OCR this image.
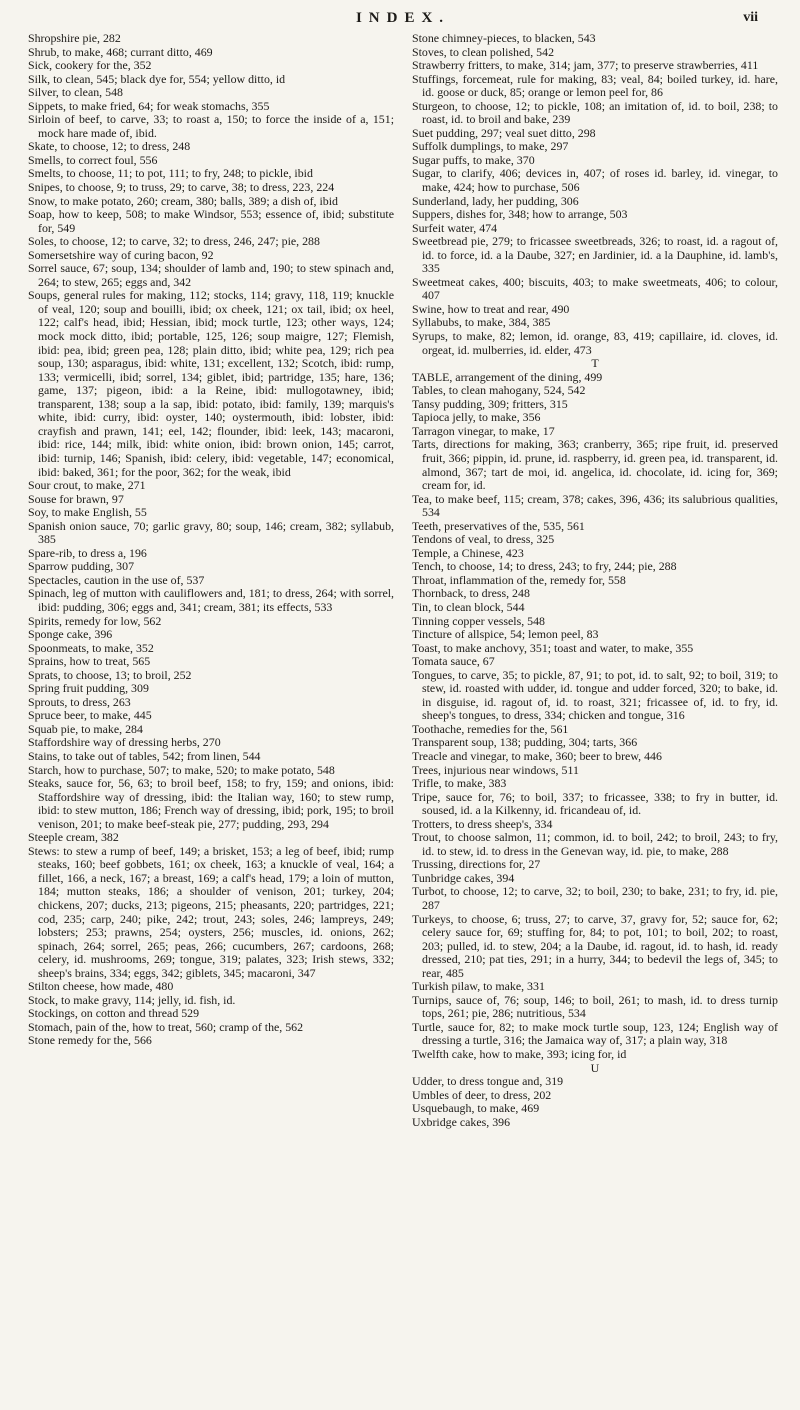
INDEX.	vii

Shropshire pie, 282

Shrub, to make, 468; currant ditto, 469

Sick, cookery for the, 352

Silk, to clean, 545; black dye for, 554; yellow ditto, id

Silver, to clean, 548

Sippets, to make fried, 64; for weak stomachs, 355

Sirloin of beef, to carve, 33; to roast a, 150; to force the inside of a, 151; mock hare made of, ibid.

Skate, to choose, 12; to dress, 248

Smells, to correct foul, 556

Smelts, to choose, 11; to pot, 111; to fry, 248; to pickle, ibid

Snipes, to choose, 9; to truss, 29; to carve, 38; to dress, 223, 224

Snow, to make potato, 260; cream, 380; balls, 389; a dish of, ibid

Soap, how to keep, 508; to make Windsor, 553; essence of, ibid; substitute for, 549

Soles, to choose, 12; to carve, 32; to dress, 246, 247; pie, 288

Somersetshire way of curing bacon, 92

Sorrel sauce, 67; soup, 134; shoulder of lamb and, 190; to stew spinach and, 264; to stew, 265; eggs and, 342

Soups, general rules for making, 112; stocks, 114; gravy, 118, 119; knuckle of veal, 120; soup and bouilli, ibid; ox cheek, 121; ox tail, ibid; ox heel, 122; calf's head, ibid; Hessian, ibid; mock turtle, 123; other ways, 124; mock mock ditto, ibid; portable, 125, 126; soup maigre, 127; Flemish, ibid: pea, ibid; green pea, 128; plain ditto, ibid; white pea, 129; rich pea soup, 130; asparagus, ibid: white, 131; excellent, 132; Scotch, ibid: rump, 133; vermicelli, ibid; sorrel, 134; giblet, ibid; partridge, 135; hare, 136; game, 137; pigeon, ibid: a la Reine, ibid: mullogotawney, ibid; transparent, 138; soup a la sap, ibid: potato, ibid: family, 139; marquis's white, ibid: curry, ibid: oyster, 140; oystermouth, ibid: lobster, ibid: crayfish and prawn, 141; eel, 142; flounder, ibid: leek, 143; macaroni, ibid: rice, 144; milk, ibid: white onion, ibid: brown onion, 145; carrot, ibid: turnip, 146; Spanish, ibid: celery, ibid: vegetable, 147; economical, ibid: baked, 361; for the poor, 362; for the weak, ibid

Sour crout, to make, 271

Souse for brawn, 97

Soy, to make English, 55

Spanish onion sauce, 70; garlic gravy, 80; soup, 146; cream, 382; syllabub, 385

Spare-rib, to dress a, 196

Sparrow pudding, 307

Spectacles, caution in the use of, 537

Spinach, leg of mutton with cauliflowers and, 181; to dress, 264; with sorrel, ibid: pudding, 306; eggs and, 341; cream, 381; its effects, 533

Spirits, remedy for low, 562

Sponge cake, 396

Spoonmeats, to make, 352

Sprains, how to treat, 565

Sprats, to choose, 13; to broil, 252

Spring fruit pudding, 309

Sprouts, to dress, 263

Spruce beer, to make, 445

Squab pie, to make, 284

Staffordshire way of dressing herbs, 270

Stains, to take out of tables, 542; from linen, 544

Starch, how to purchase, 507; to make, 520; to make potato, 548

Steaks, sauce for, 56, 63; to broil beef, 158; to fry, 159; and onions, ibid: Staffordshire way of dressing, ibid: the Italian way, 160; to stew rump, ibid: to stew mutton, 186; French way of dressing, ibid; pork, 195; to broil venison, 201; to make beef-steak pie, 277; pudding, 293, 294

Steeple cream, 382

Stews: to stew a rump of beef, 149; a brisket, 153; a leg of beef, ibid; rump steaks, 160; beef gobbets, 161; ox cheek, 163; a knuckle of veal, 164; a fillet, 166, a neck, 167; a breast, 169; a calf's head, 179; a loin of mutton, 184; mutton steaks, 186; a shoulder of venison, 201; turkey, 204; chickens, 207; ducks, 213; pigeons, 215; pheasants, 220; partridges, 221; cod, 235; carp, 240; pike, 242; trout, 243; soles, 246; lampreys, 249; lobsters; 253; prawns, 254; oysters, 256; muscles, id. onions, 262; spinach, 264; sorrel, 265; peas, 266; cucumbers, 267; cardoons, 268; celery, id. mushrooms, 269; tongue, 319; palates, 323; Irish stews, 332; sheep's brains, 334; eggs, 342; giblets, 345; macaroni, 347

Stilton cheese, how made, 480

Stock, to make gravy, 114; jelly, id. fish, id.

Stockings, on cotton and thread 529

Stomach, pain of the, how to treat, 560; cramp of the, 562

Stone remedy for the, 566

Stone chimney-pieces, to blacken, 543

Stoves, to clean polished, 542

Strawberry fritters, to make, 314; jam, 377; to preserve strawberries, 411

Stuffings, forcemeat, rule for making, 83; veal, 84; boiled turkey, id. hare, id. goose or duck, 85; orange or lemon peel for, 86

Sturgeon, to choose, 12; to pickle, 108; an imitation of, id. to boil, 238; to roast, id. to broil and bake, 239

Suet pudding, 297; veal suet ditto, 298

Suffolk dumplings, to make, 297

Sugar puffs, to make, 370

Sugar, to clarify, 406; devices in, 407; of roses id. barley, id. vinegar, to make, 424; how to purchase, 506

Sunderland, lady, her pudding, 306

Suppers, dishes for, 348; how to arrange, 503

Surfeit water, 474

Sweetbread pie, 279; to fricassee sweetbreads, 326; to roast, id. a ragout of, id. to force, id. a la Daube, 327; en Jardinier, id. a la Dauphine, id. lamb's, 335

Sweetmeat cakes, 400; biscuits, 403; to make sweetmeats, 406; to colour, 407

Swine, how to treat and rear, 490

Syllabubs, to make, 384, 385

Syrups, to make, 82; lemon, id. orange, 83, 419; capillaire, id. cloves, id. orgeat, id. mulberries, id. elder, 473

T

TABLE, arrangement of the dining, 499

Tables, to clean mahogany, 524, 542

Tansy pudding, 309; fritters, 315

Tapioca jelly, to make, 356

Tarragon vinegar, to make, 17

Tarts, directions for making, 363; cranberry, 365; ripe fruit, id. preserved fruit, 366; pippin, id. prune, id. raspberry, id. green pea, id. transparent, id. almond, 367; tart de moi, id. angelica, id. chocolate, id. icing for, 369; cream for, id.

Tea, to make beef, 115; cream, 378; cakes, 396, 436; its salubrious qualities, 534

Teeth, preservatives of the, 535, 561

Tendons of veal, to dress, 325

Temple, a Chinese, 423

Tench, to choose, 14; to dress, 243; to fry, 244; pie, 288

Throat, inflammation of the, remedy for, 558

Thornback, to dress, 248

Tin, to clean block, 544

Tinning copper vessels, 548

Tincture of allspice, 54; lemon peel, 83

Toast, to make anchovy, 351; toast and water, to make, 355

Tomata sauce, 67

Tongues, to carve, 35; to pickle, 87, 91; to pot, id. to salt, 92; to boil, 319; to stew, id. roasted with udder, id. tongue and udder forced, 320; to bake, id. in disguise, id. ragout of, id. to roast, 321; fricassee of, id. to fry, id. sheep's tongues, to dress, 334; chicken and tongue, 316

Toothache, remedies for the, 561

Transparent soup, 138; pudding, 304; tarts, 366

Treacle and vinegar, to make, 360; beer to brew, 446

Trees, injurious near windows, 511

Trifle, to make, 383

Tripe, sauce for, 76; to boil, 337; to fricassee, 338; to fry in butter, id. soused, id. a la Kilkenny, id. fricandeau of, id.

Trotters, to dress sheep's, 334

Trout, to choose salmon, 11; common, id. to boil, 242; to broil, 243; to fry, id. to stew, id. to dress in the Genevan way, id. pie, to make, 288

Trussing, directions for, 27

Tunbridge cakes, 394

Turbot, to choose, 12; to carve, 32; to boil, 230; to bake, 231; to fry, id. pie, 287

Turkeys, to choose, 6; truss, 27; to carve, 37, gravy for, 52; sauce for, 62; celery sauce for, 69; stuffing for, 84; to pot, 101; to boil, 202; to roast, 203; pulled, id. to stew, 204; a la Daube, id. ragout, id. to hash, id. ready dressed, 210; pat ties, 291; in a hurry, 344; to bedevil the legs of, 345; to rear, 485

Turkish pilaw, to make, 331

Turnips, sauce of, 76; soup, 146; to boil, 261; to mash, id. to dress turnip tops, 261; pie, 286; nutritious, 534

Turtle, sauce for, 82; to make mock turtle soup, 123, 124; English way of dressing a turtle, 316; the Jamaica way of, 317; a plain way, 318

Twelfth cake, how to make, 393; icing for, id

U

Udder, to dress tongue and, 319

Umbles of deer, to dress, 202

Usquebaugh, to make, 469

Uxbridge cakes, 396
